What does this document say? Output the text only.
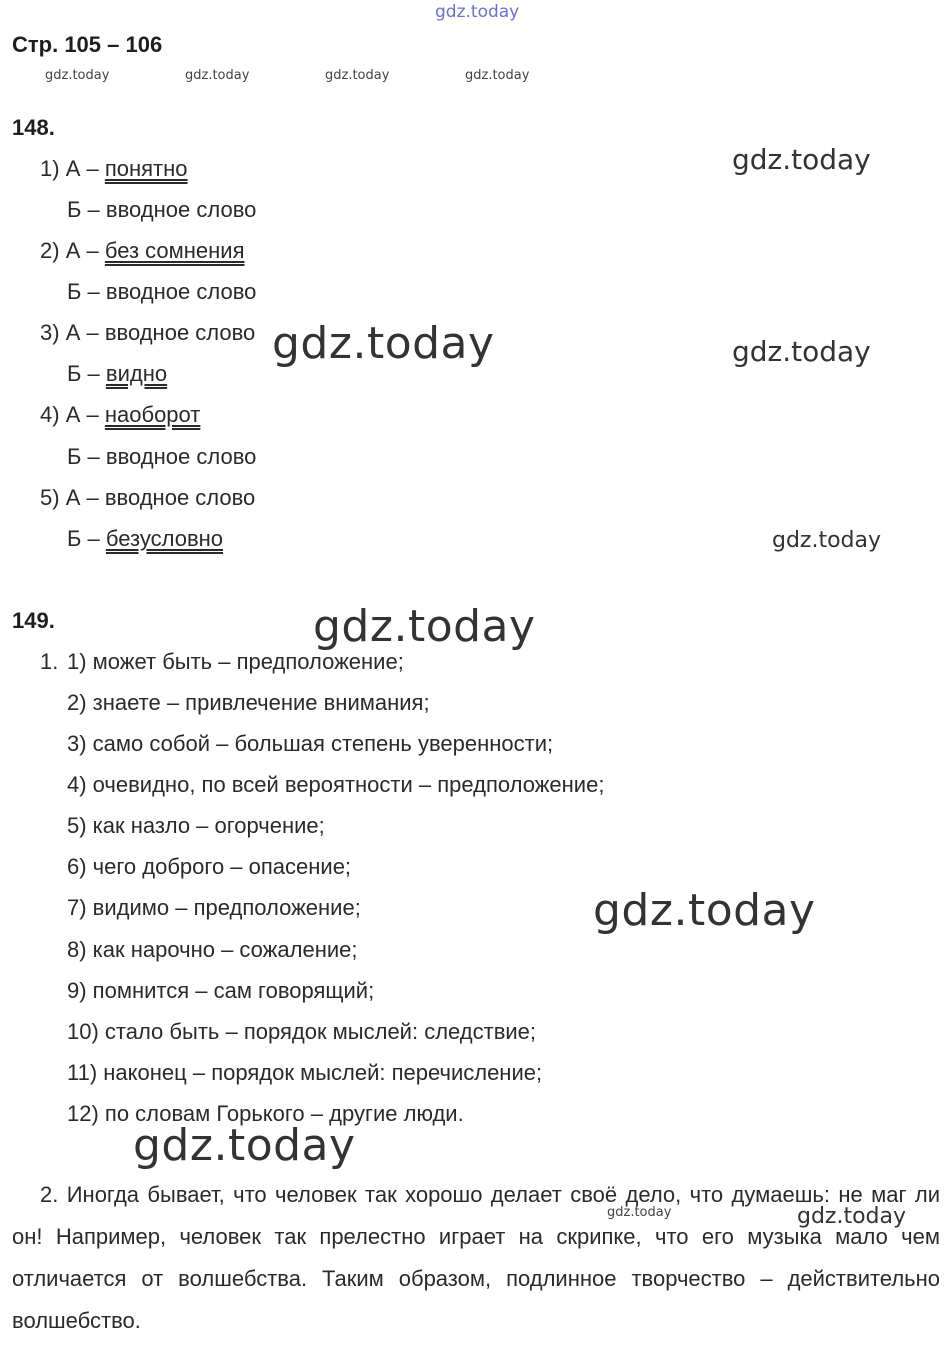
gdz.today
Стр. 105 – 106
gdz.today	gdz.today	gdz.today	gdz.today
148.
1) А – понятно
Б – вводное слово
2) А – без сомнения
Б – вводное слово
3) А – вводное слово
Б – видно
4) А – наоборот
Б – вводное слово
5) А – вводное слово
Б – безусловно
149.
1. 1) может быть – предположение;
2) знаете – привлечение внимания;
3) само собой – большая степень уверенности;
4) очевидно, по всей вероятности – предположение;
5) как назло – огорчение;
6) чего доброго – опасение;
7) видимо – предположение;
8) как нарочно – сожаление;
9) помнится – сам говорящий;
10) стало быть – порядок мыслей: следствие;
11) наконец – порядок мыслей: перечисление;
12) по словам Горького – другие люди.
2. Иногда бывает, что человек так хорошо делает своё дело, что думаешь: не маг ли он! Например, человек так прелестно играет на скрипке, что его музыка мало чем отличается от волшебства. Таким образом, подлинное творчество – действительно волшебство.
gdz.today
gdz.today
gdz.today
gdz.today
gdz.today
gdz.today
gdz.today
gdz.today
gdz.today
